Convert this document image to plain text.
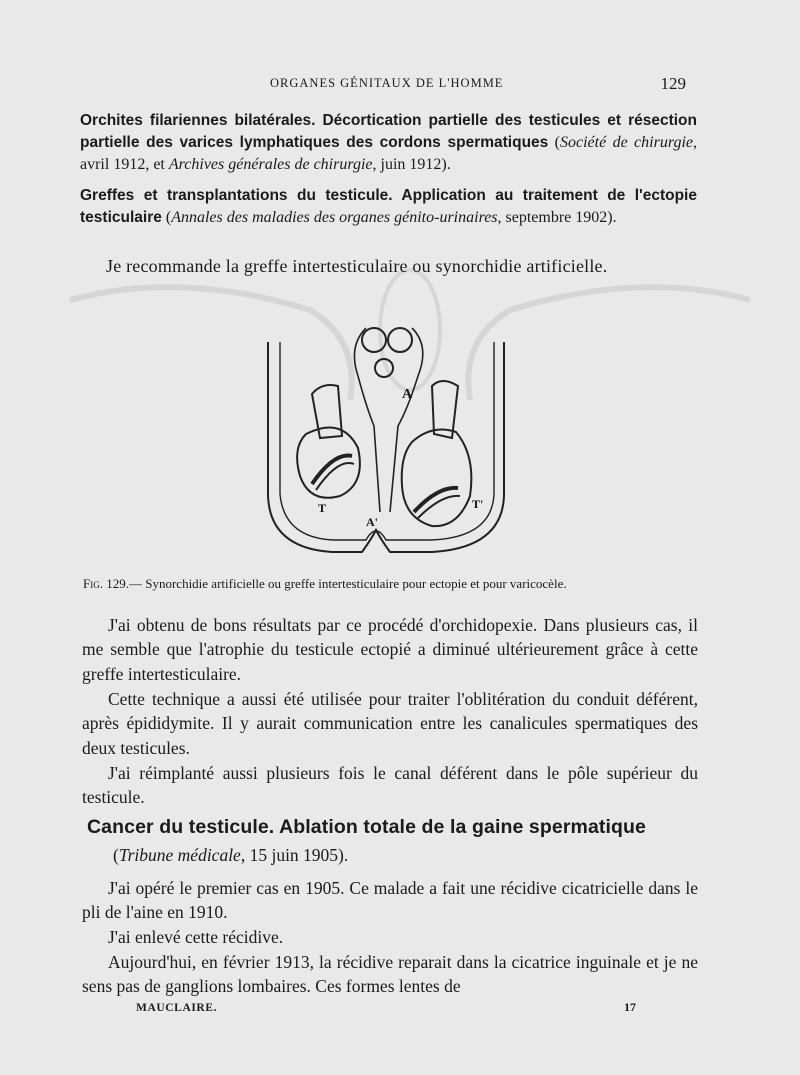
ORGANES GÉNITAUX DE L'HOMME	129
Orchites filariennes bilatérales. Décortication partielle des testicules et résection partielle des varices lymphatiques des cordons spermatiques (Société de chirurgie, avril 1912, et Archives générales de chirurgie, juin 1912).
Greffes et transplantations du testicule. Application au traitement de l'ectopie testiculaire (Annales des maladies des organes génito-urinaires, septembre 1902).
Je recommande la greffe intertesticulaire ou synorchidie artificielle.
A
A'
T	T'
Fig. 129.— Synorchidie artificielle ou greffe intertesticulaire pour ectopie et pour varicocèle.
J'ai obtenu de bons résultats par ce procédé d'orchidopexie. Dans plusieurs cas, il me semble que l'atrophie du testicule ectopié a diminué ultérieurement grâce à cette greffe intertesticulaire.
Cette technique a aussi été utilisée pour traiter l'oblitération du conduit déférent, après épididymite. Il y aurait communication entre les canalicules spermatiques des deux testicules.
J'ai réimplanté aussi plusieurs fois le canal déférent dans le pôle supérieur du testicule.
Cancer du testicule. Ablation totale de la gaine spermatique
(Tribune médicale, 15 juin 1905).
J'ai opéré le premier cas en 1905. Ce malade a fait une récidive cicatricielle dans le pli de l'aine en 1910.
J'ai enlevé cette récidive.
Aujourd'hui, en février 1913, la récidive reparait dans la cicatrice inguinale et je ne sens pas de ganglions lombaires. Ces formes lentes de
MAUCLAIRE.	17
